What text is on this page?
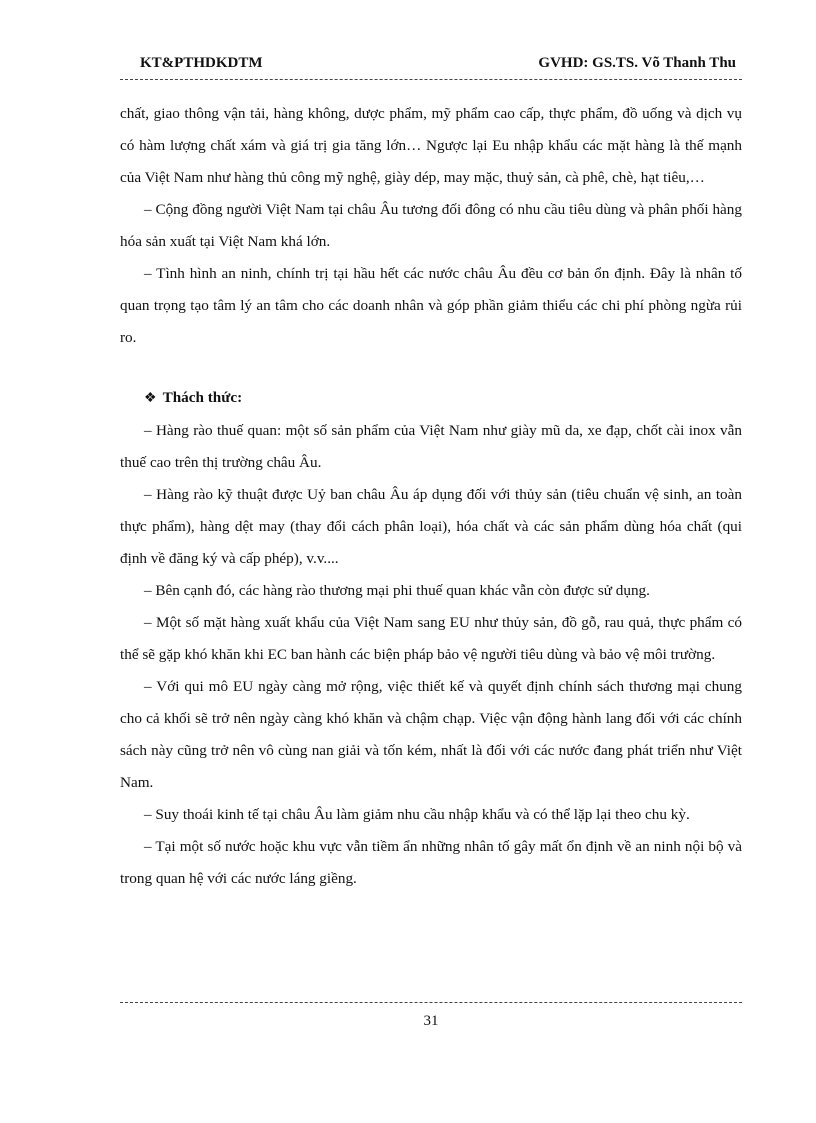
KT&PTHDKDTM	GVHD: GS.TS. Võ Thanh Thu

chất, giao thông vận tải, hàng không, dược phẩm, mỹ phẩm cao cấp, thực phẩm, đồ uống và dịch vụ có hàm lượng chất xám và giá trị gia tăng lớn… Ngược lại Eu nhập khẩu các mặt hàng là thế mạnh của Việt Nam như hàng thủ công mỹ nghệ, giày dép, may mặc, thuỷ sản, cà phê, chè, hạt tiêu,…

– Cộng đồng người Việt Nam tại châu Âu tương đối đông có nhu cầu tiêu dùng và phân phối hàng hóa sản xuất tại Việt Nam khá lớn.

– Tình hình an ninh, chính trị tại hầu hết các nước châu Âu đều cơ bản ổn định. Đây là nhân tố quan trọng tạo tâm lý an tâm cho các doanh nhân và góp phần giảm thiểu các chi phí phòng ngừa rủi ro.

❖ Thách thức:

– Hàng rào thuế quan: một số sản phẩm của Việt Nam như giày mũ da, xe đạp, chốt cài inox vẫn thuế cao trên thị trường châu Âu.

– Hàng rào kỹ thuật được Uỷ ban châu Âu áp dụng đối với thủy sản (tiêu chuẩn vệ sinh, an toàn thực phẩm), hàng dệt may (thay đổi cách phân loại), hóa chất và các sản phẩm dùng hóa chất (qui định về đăng ký và cấp phép), v.v....

– Bên cạnh đó, các hàng rào thương mại phi thuế quan khác vẫn còn được sử dụng.

– Một số mặt hàng xuất khẩu của Việt Nam sang EU như thủy sản, đồ gỗ, rau quả, thực phẩm có thể sẽ gặp khó khăn khi EC ban hành các biện pháp bảo vệ người tiêu dùng và bảo vệ môi trường.

– Với qui mô EU ngày càng mở rộng, việc thiết kế và quyết định chính sách thương mại chung cho cả khối sẽ trở nên ngày càng khó khăn và chậm chạp. Việc vận động hành lang đối với các chính sách này cũng trở nên vô cùng nan giải và tốn kém, nhất là đối với các nước đang phát triển như Việt Nam.

– Suy thoái kinh tế tại châu Âu làm giảm nhu cầu nhập khẩu và có thể lặp lại theo chu kỳ.

– Tại một số nước hoặc khu vực vẫn tiềm ẩn những nhân tố gây mất ổn định về an ninh nội bộ và trong quan hệ với các nước láng giềng.

31
